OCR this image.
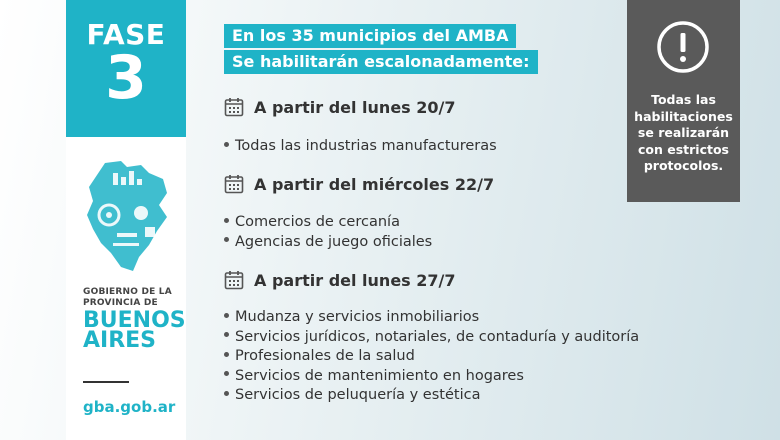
FASE
3
GOBIERNO DE LA
PROVINCIA DE
BUENOS
AIRES
gba.gob.ar
En los 35 municipios del AMBA
Se habilitarán escalonadamente:
A partir del lunes 20/7
Todas las industrias manufactureras
A partir del miércoles 22/7
Comercios de cercanía
Agencias de juego oficiales
A partir del lunes 27/7
Mudanza y servicios inmobiliarios
Servicios jurídicos, notariales, de contaduría y auditoría
Profesionales de la salud
Servicios de mantenimiento en hogares
Servicios de peluquería y estética
Todas las
habilitaciones
se realizarán
con estrictos
protocolos.
